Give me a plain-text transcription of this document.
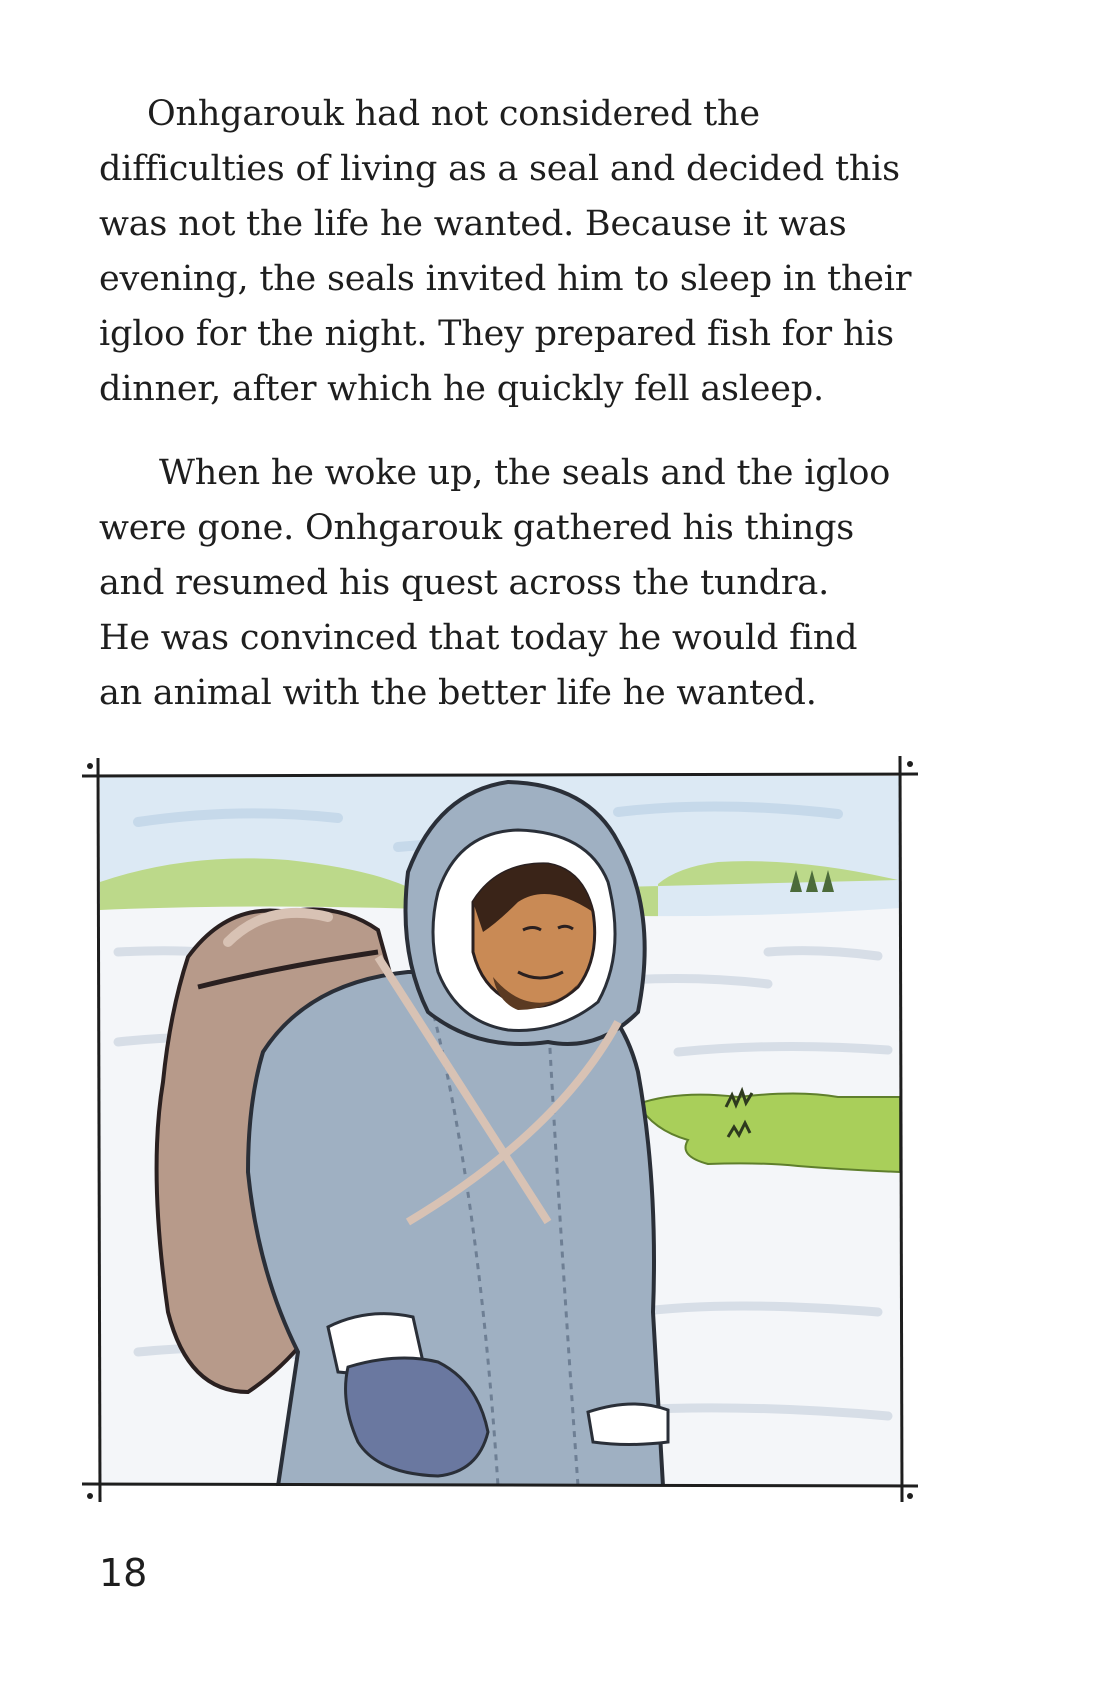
Onhgarouk had not considered the
difficulties of living as a seal and decided this
was not the life he wanted. Because it was
evening, the seals invited him to sleep in their
igloo for the night. They prepared fish for his
dinner, after which he quickly fell asleep.
When he woke up, the seals and the igloo
were gone. Onhgarouk gathered his things
and resumed his quest across the tundra.
He was convinced that today he would find
an animal with the better life he wanted.
18
